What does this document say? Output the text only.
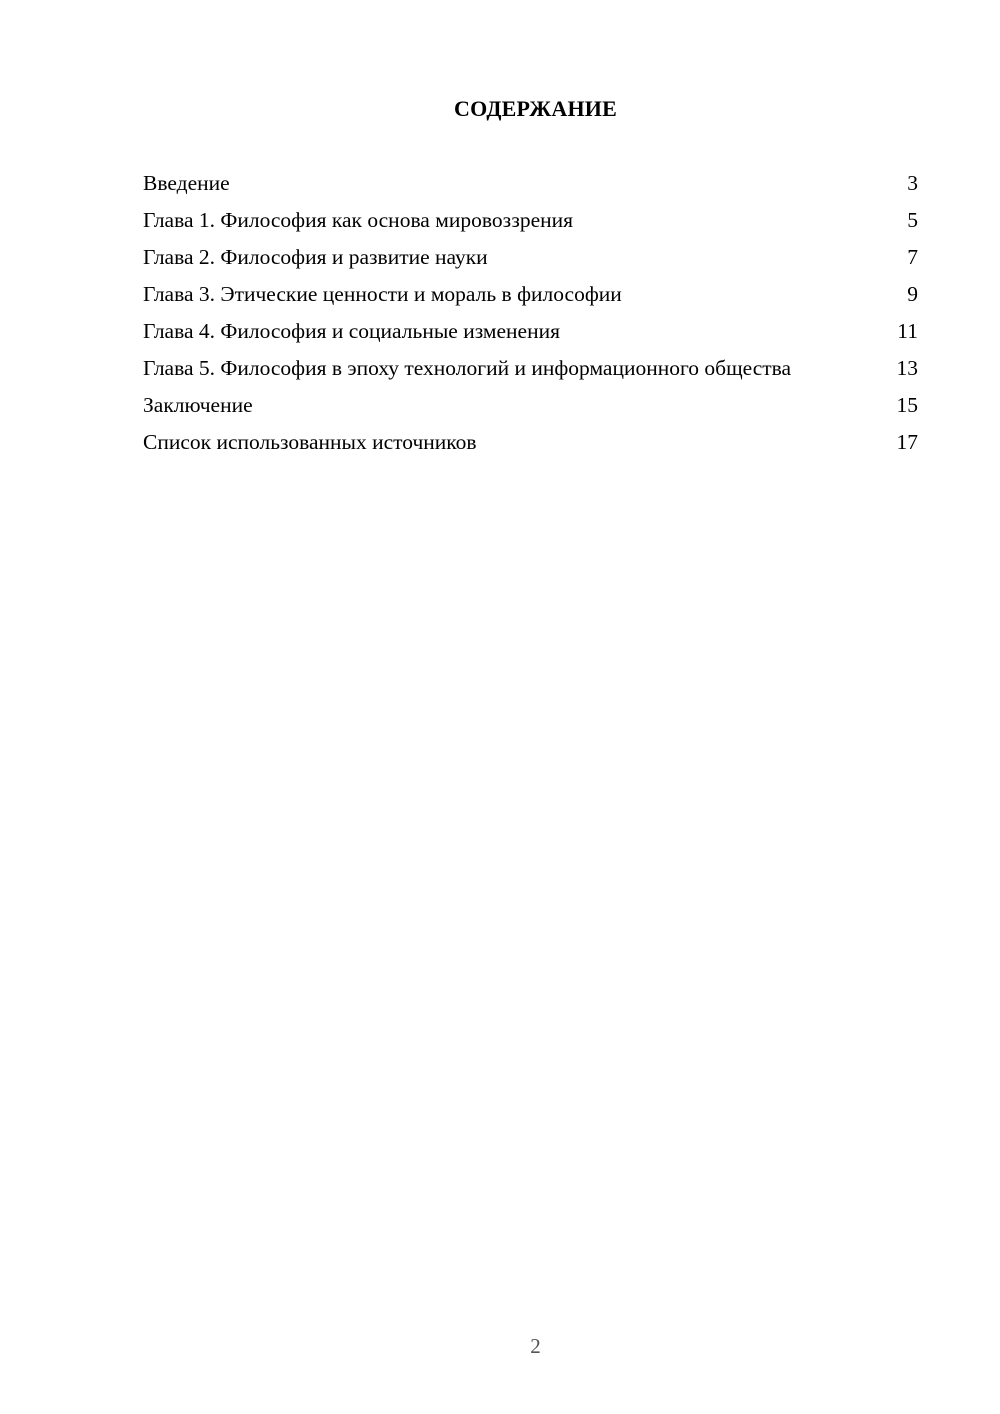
СОДЕРЖАНИЕ
Введение	3
Глава 1. Философия как основа мировоззрения	5
Глава 2. Философия и развитие науки	7
Глава 3. Этические ценности и мораль в философии	9
Глава 4. Философия и социальные изменения	11
Глава 5. Философия в эпоху технологий и информационного общества	13
Заключение	15
Список использованных источников	17
2
